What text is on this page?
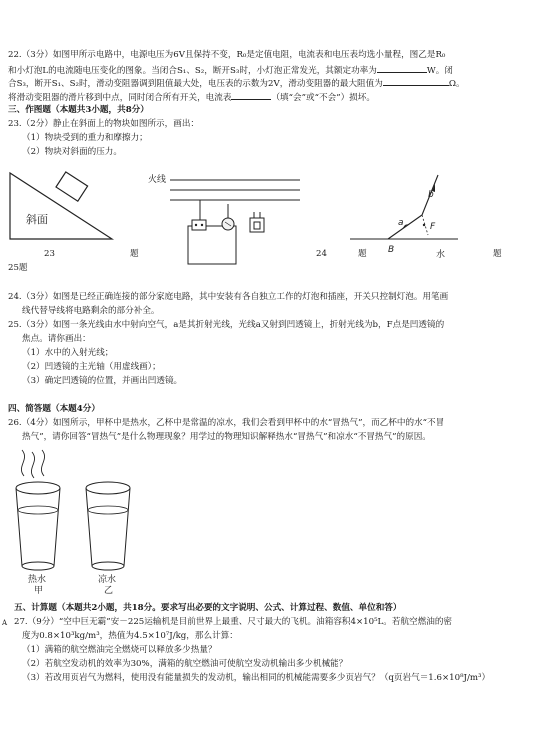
22.（3分）如图甲所示电路中，电源电压为6V且保持不变，R₀是定值电阻，电流表和电压表均选小量程，图乙是R₀
和小灯泡L的电流随电压变化的图象。当闭合S₁、S₂，断开S₃时，小灯泡正常发光，其额定功率为	W。闭
合S₃，断开S₁、S₂时，滑动变阻器调到阻值最大处，电压表的示数为2V，滑动变阻器的最大阻值为	Ω。
将滑动变阻器的滑片移到中点，同时闭合所有开关，电流表	（填“会”或“不会”）损坏。
三、作图题（本题共3小题，共8分）
23.（2分）静止在斜面上的物块如图所示，画出：
（1）物块受到的重力和摩擦力；
（2）物块对斜面的压力。
斜面
火线
a
b
F
B	水
23	题	24	题	题
25题
24.（3分）如图是已经正确连接的部分家庭电路，其中安装有各自独立工作的灯泡和插座，开关只控制灯泡。用笔画
线代替导线将电路剩余的部分补全。
25.（3分）如图一条光线由水中射向空气，a是其折射光线，光线a又射到凹透镜上，折射光线为b，F点是凹透镜的
焦点。请你画出：
（1）水中的入射光线；
（2）凹透镜的主光轴（用虚线画）；
（3）确定凹透镜的位置，并画出凹透镜。
四、简答题（本题4分）
26.（4分）如图所示，甲杯中是热水，乙杯中是常温的凉水，我们会看到甲杯中的水“冒热气”，而乙杯中的水“不冒
热气”，请你回答“冒热气”是什么物理现象？用学过的物理知识解释热水“冒热气”和凉水“不冒热气”的原因。
热水
甲
凉水
乙
五、计算题（本题共2小题，共18分。要求写出必要的文字说明、公式、计算过程、数值、单位和答）
A 27.（9分）“空中巨无霸”安－225运输机是目前世界上最重、尺寸最大的飞机。油箱容积4×10⁵L。若航空燃油的密
度为0.8×10³kg/m³，热值为4.5×10⁷J/kg，那么计算：
（1）满箱的航空燃油完全燃烧可以释放多少热量？
（2）若航空发动机的效率为30%，满箱的航空燃油可使航空发动机输出多少机械能？
（3）若改用页岩气为燃料，使用没有能量损失的发动机，输出相同的机械能需要多少页岩气？（q页岩气＝1.6×10⁸J/m³）
